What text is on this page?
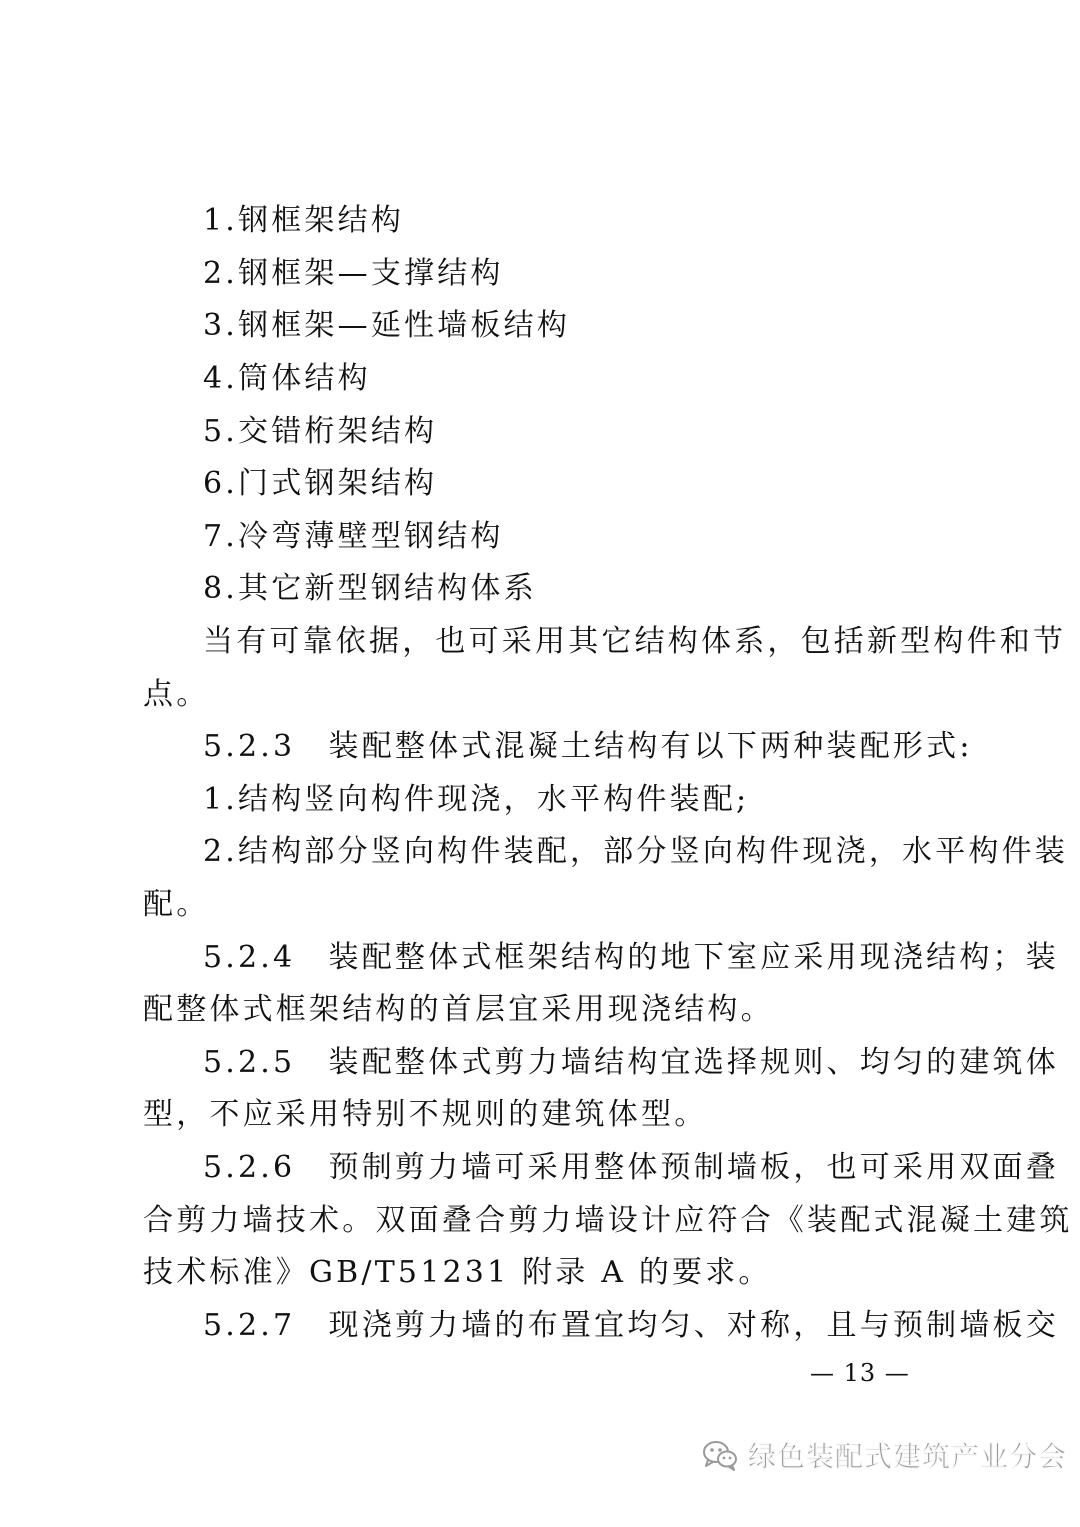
1.钢框架结构
2.钢框架—支撑结构
3.钢框架—延性墙板结构
4.筒体结构
5.交错桁架结构
6.门式钢架结构
7.冷弯薄壁型钢结构
8.其它新型钢结构体系
当有可靠依据，也可采用其它结构体系，包括新型构件和节
点。
5.2.3　装配整体式混凝土结构有以下两种装配形式:
1.结构竖向构件现浇，水平构件装配;
2.结构部分竖向构件装配，部分竖向构件现浇，水平构件装
配。
5.2.4　装配整体式框架结构的地下室应采用现浇结构；装
配整体式框架结构的首层宜采用现浇结构。
5.2.5　装配整体式剪力墙结构宜选择规则、均匀的建筑体
型，不应采用特别不规则的建筑体型。
5.2.6　预制剪力墙可采用整体预制墙板，也可采用双面叠
合剪力墙技术。双面叠合剪力墙设计应符合《装配式混凝土建筑
技术标准》GB/T51231 附录 A 的要求。
5.2.7　现浇剪力墙的布置宜均匀、对称，且与预制墙板交
— 13 —
绿色装配式建筑产业分会
